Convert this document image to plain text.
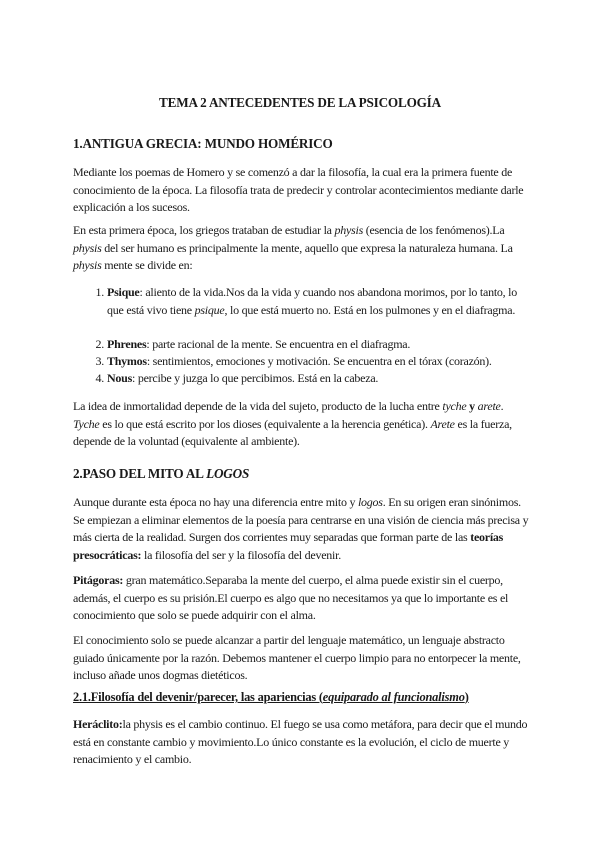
TEMA 2 ANTECEDENTES DE LA PSICOLOGÍA
1.ANTIGUA GRECIA: MUNDO HOMÉRICO

Mediante los poemas de Homero y se comenzó a dar la filosofía, la cual era la primera fuente de conocimiento de la época. La filosofía trata de predecir y controlar acontecimientos mediante darle explicación a los sucesos.

En esta primera época, los griegos trataban de estudiar la physis (esencia de los fenómenos).La physis del ser humano es principalmente la mente, aquello que expresa la naturaleza humana. La physis mente se divide en:

1. Psique: aliento de la vida.Nos da la vida y cuando nos abandona morimos, por lo tanto, lo que está vivo tiene psique, lo que está muerto no. Está en los pulmones y en el diafragma.
2. Phrenes: parte racional de la mente. Se encuentra en el diafragma.
3. Thymos: sentimientos, emociones y motivación. Se encuentra en el tórax (corazón).
4. Nous: percibe y juzga lo que percibimos. Está en la cabeza.

La idea de inmortalidad depende de la vida del sujeto, producto de la lucha entre tyche y arete. Tyche es lo que está escrito por los dioses (equivalente a la herencia genética). Arete es la fuerza, depende de la voluntad (equivalente al ambiente).

2.PASO DEL MITO AL LOGOS

Aunque durante esta época no hay una diferencia entre mito y logos. En su origen eran sinónimos. Se empiezan a eliminar elementos de la poesía para centrarse en una visión de ciencia más precisa y más cierta de la realidad. Surgen dos corrientes muy separadas que forman parte de las teorías presocráticas: la filosofía del ser y la filosofía del devenir.

Pitágoras: gran matemático.Separaba la mente del cuerpo, el alma puede existir sin el cuerpo, además, el cuerpo es su prisión.El cuerpo es algo que no necesitamos ya que lo importante es el conocimiento que solo se puede adquirir con el alma.

El conocimiento solo se puede alcanzar a partir del lenguaje matemático, un lenguaje abstracto guiado únicamente por la razón. Debemos mantener el cuerpo limpio para no entorpecer la mente, incluso añade unos dogmas dietéticos.

2.1.Filosofía del devenir/parecer, las apariencias (equiparado al funcionalismo)

Heráclito:la physis es el cambio continuo. El fuego se usa como metáfora, para decir que el mundo está en constante cambio y movimiento.Lo único constante es la evolución, el ciclo de muerte y renacimiento y el cambio.
